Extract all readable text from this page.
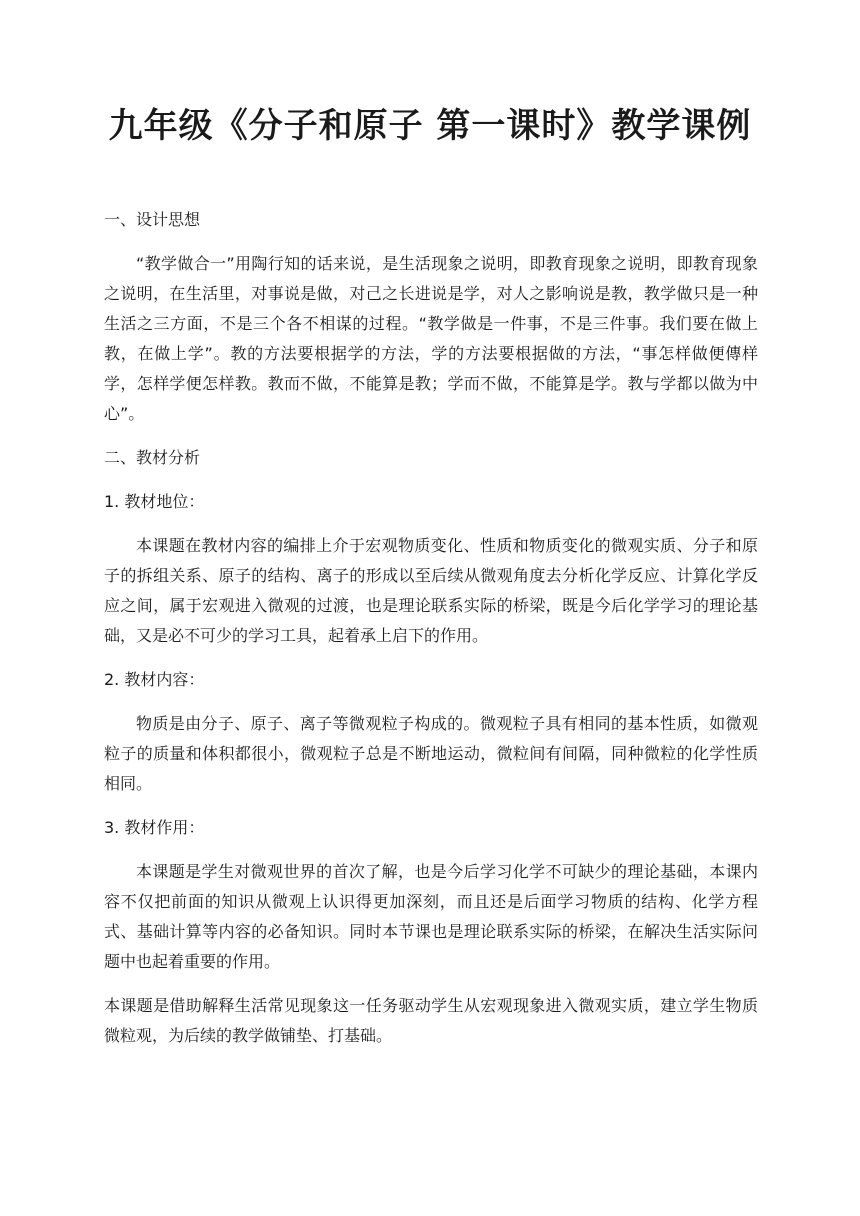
九年级《分子和原子 第一课时》教学课例

一、设计思想

“教学做合一”用陶行知的话来说，是生活现象之说明，即教育现象之说明，即教育现象之说明，在生活里，对事说是做，对己之长进说是学，对人之影响说是教，教学做只是一种生活之三方面，不是三个各不相谋的过程。“教学做是一件事，不是三件事。我们要在做上教，在做上学”。教的方法要根据学的方法，学的方法要根据做的方法，“事怎样做便傳样学，怎样学便怎样教。教而不做，不能算是教；学而不做，不能算是学。教与学都以做为中心”。

二、教材分析

1. 教材地位：

本课题在教材内容的编排上介于宏观物质变化、性质和物质变化的微观实质、分子和原子的拆组关系、原子的结构、离子的形成以至后续从微观角度去分析化学反应、计算化学反应之间，属于宏观进入微观的过渡，也是理论联系实际的桥梁，既是今后化学学习的理论基础，又是必不可少的学习工具，起着承上启下的作用。

2. 教材内容：

物质是由分子、原子、离子等微观粒子构成的。微观粒子具有相同的基本性质，如微观粒子的质量和体积都很小，微观粒子总是不断地运动，微粒间有间隔，同种微粒的化学性质相同。

3. 教材作用：

本课题是学生对微观世界的首次了解，也是今后学习化学不可缺少的理论基础，本课内容不仅把前面的知识从微观上认识得更加深刻，而且还是后面学习物质的结构、化学方程式、基础计算等内容的必备知识。同时本节课也是理论联系实际的桥梁，在解决生活实际问题中也起着重要的作用。

本课题是借助解释生活常见现象这一任务驱动学生从宏观现象进入微观实质，建立学生物质微粒观，为后续的教学做铺垫、打基础。
